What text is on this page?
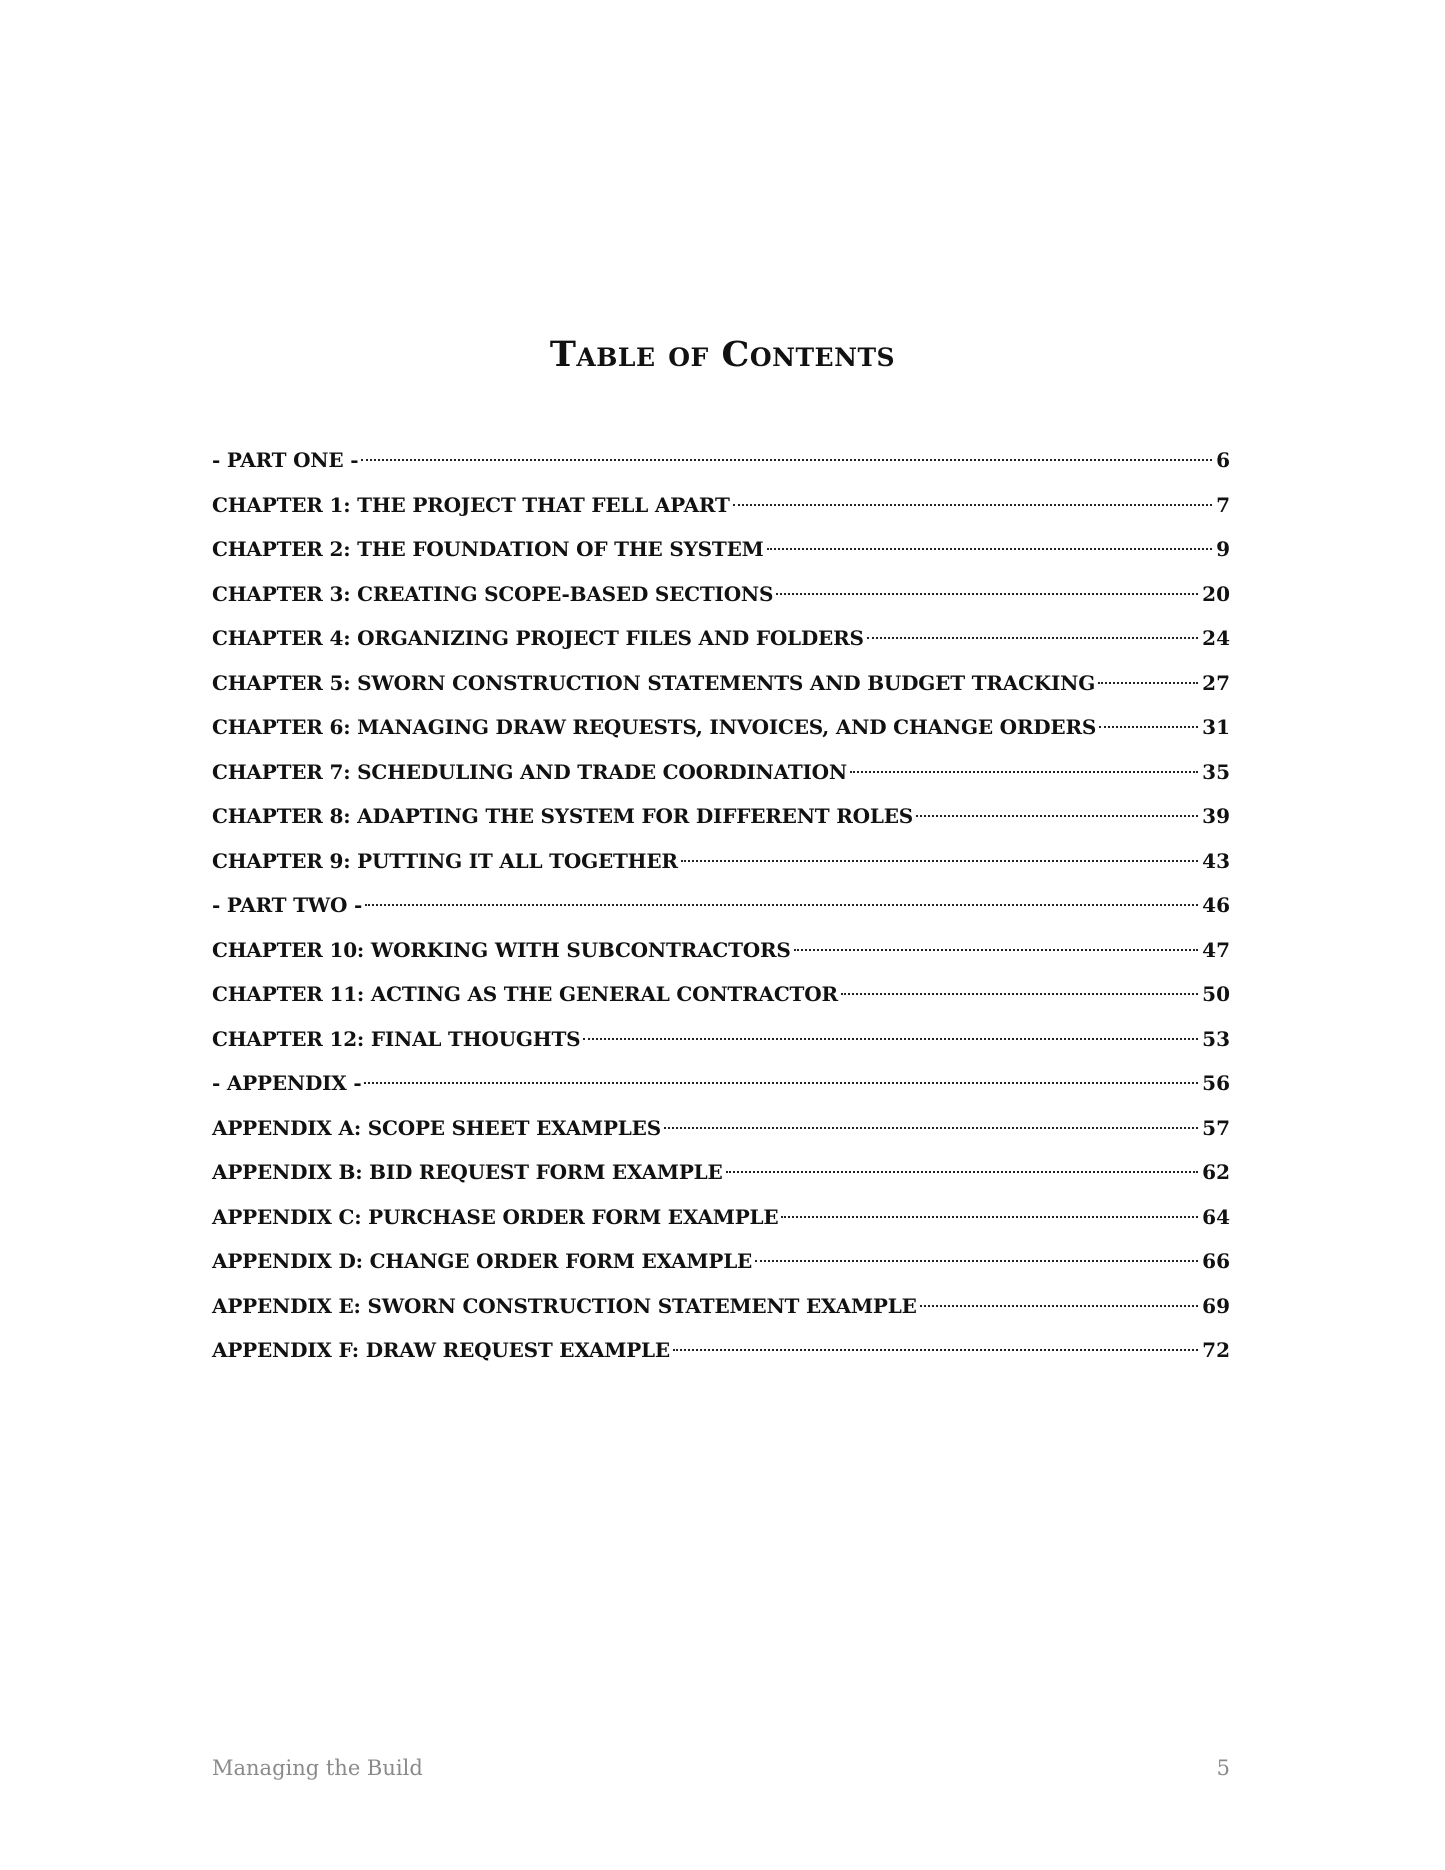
Table of Contents
- PART ONE -	6
CHAPTER 1: THE PROJECT THAT FELL APART	7
CHAPTER 2: THE FOUNDATION OF THE SYSTEM	9
CHAPTER 3: CREATING SCOPE-BASED SECTIONS	20
CHAPTER 4: ORGANIZING PROJECT FILES AND FOLDERS	24
CHAPTER 5: SWORN CONSTRUCTION STATEMENTS AND BUDGET TRACKING	27
CHAPTER 6: MANAGING DRAW REQUESTS, INVOICES, AND CHANGE ORDERS	31
CHAPTER 7: SCHEDULING AND TRADE COORDINATION	35
CHAPTER 8: ADAPTING THE SYSTEM FOR DIFFERENT ROLES	39
CHAPTER 9: PUTTING IT ALL TOGETHER	43
- PART TWO -	46
CHAPTER 10: WORKING WITH SUBCONTRACTORS	47
CHAPTER 11: ACTING AS THE GENERAL CONTRACTOR	50
CHAPTER 12: FINAL THOUGHTS	53
- APPENDIX -	56
APPENDIX A: SCOPE SHEET EXAMPLES	57
APPENDIX B: BID REQUEST FORM EXAMPLE	62
APPENDIX C: PURCHASE ORDER FORM EXAMPLE	64
APPENDIX D: CHANGE ORDER FORM EXAMPLE	66
APPENDIX E: SWORN CONSTRUCTION STATEMENT EXAMPLE	69
APPENDIX F: DRAW REQUEST EXAMPLE	72
Managing the Build	5
